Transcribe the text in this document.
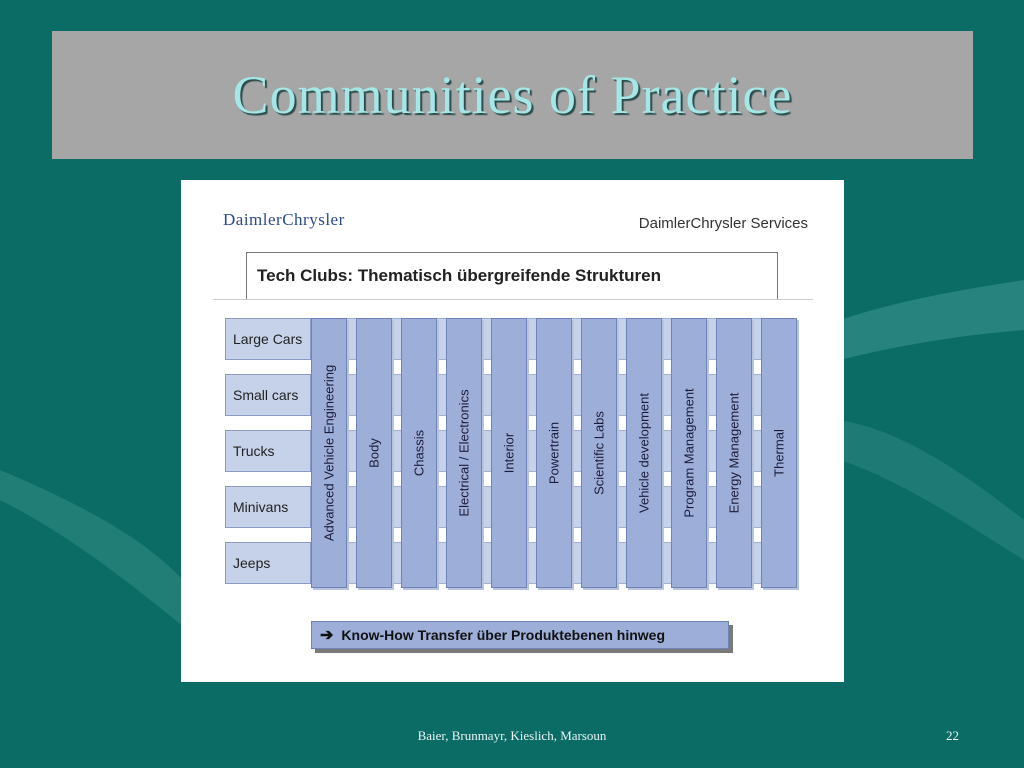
Communities of Practice
DaimlerChrysler	DaimlerChrysler Services
Tech Clubs: Thematisch übergreifende Strukturen
Large Cars
Small cars
Trucks
Minivans
Jeeps
Advanced Vehicle Engineering Body Chassis Electrical / Electronics Interior Powertrain Scientific Labs Vehicle development Program Management Energy Management Thermal
➔ Know-How Transfer über Produktebenen hinweg
Baier, Brunmayr, Kieslich, Marsoun	22
